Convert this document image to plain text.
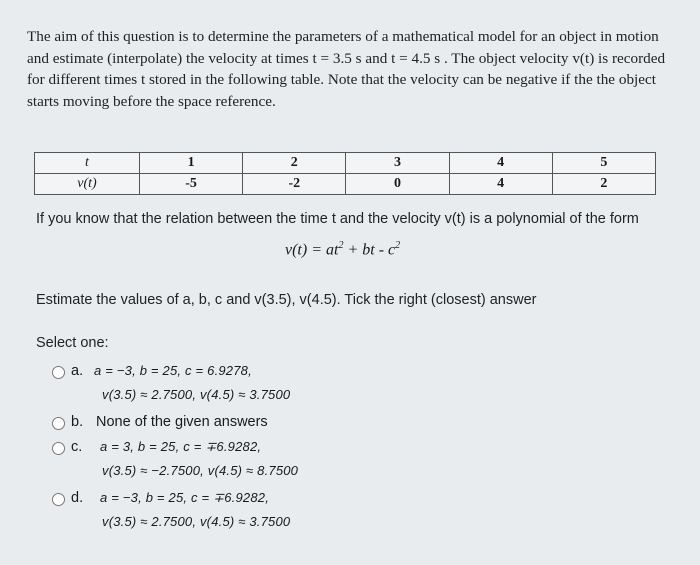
The aim of this question is to determine the parameters of a mathematical model for an object in motion
and estimate (interpolate) the velocity at times t = 3.5 s and t = 4.5 s . The object velocity v(t) is recorded
for different times t stored in the following table. Note that the velocity can be negative if the the object
starts moving before the space reference.
t	1	2	3	4	5
v(t)	-5	-2	0	4	2
If you know that the relation between the time t and the velocity v(t) is a polynomial of the form
$v(t) = at^2$ + bt - $c^2$
Estimate the values of a, b, c and v(3.5), v(4.5). Tick the right (closest) answer
Select one:
a. a = −3, b = 25, c = 6.9278,
v(3.5) ≈ 2.7500, v(4.5) ≈ 3.7500
b. None of the given answers
c. a = 3, b = 25, c = ∓6.9282,
v(3.5) ≈ −2.7500, v(4.5) ≈ 8.7500
d. a = −3, b = 25, c = ∓6.9282,
v(3.5) ≈ 2.7500, v(4.5) ≈ 3.7500
